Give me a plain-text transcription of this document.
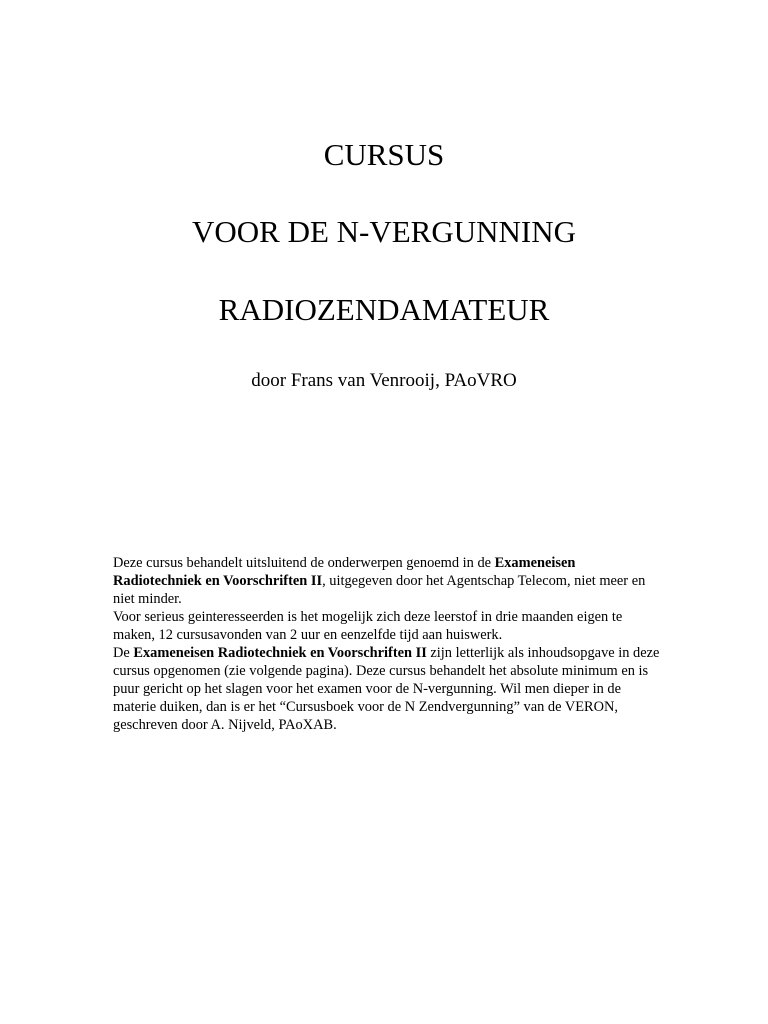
CURSUS
VOOR DE N-VERGUNNING
RADIOZENDAMATEUR
door Frans van Venrooij, PAoVRO

Deze cursus behandelt uitsluitend de onderwerpen genoemd in de Exameneisen Radiotechniek en Voorschriften II, uitgegeven door het Agentschap Telecom, niet meer en niet minder.

Voor serieus geinteresseerden is het mogelijk zich deze leerstof in drie maanden eigen te maken, 12 cursusavonden van 2 uur en eenzelfde tijd aan huiswerk.

De Exameneisen Radiotechniek en Voorschriften II zijn letterlijk als inhoudsopgave in deze cursus opgenomen (zie volgende pagina). Deze cursus behandelt het absolute minimum en is puur gericht op het slagen voor het examen voor de N-vergunning. Wil men dieper in de materie duiken, dan is er het “Cursusboek voor de N Zendvergunning” van de VERON, geschreven door A. Nijveld, PAoXAB.
